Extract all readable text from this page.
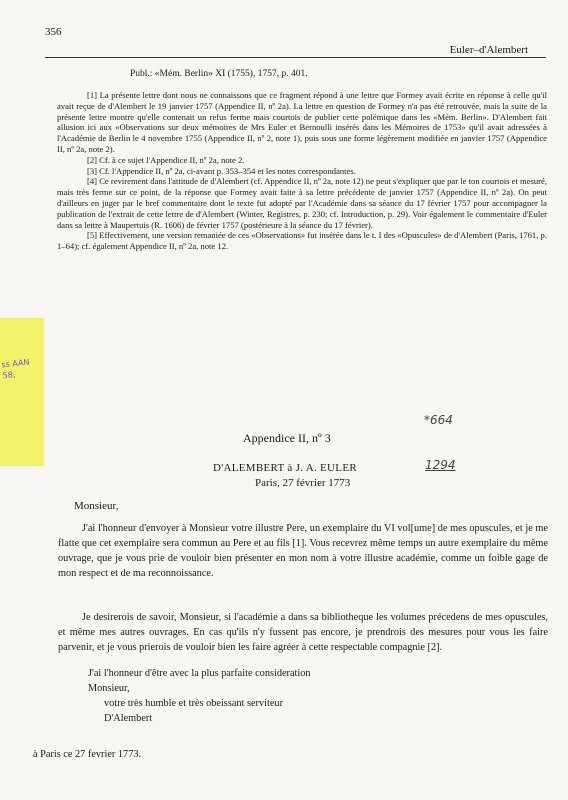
356
Euler–d'Alembert
Publ.: «Mém. Berlin» XI (1755), 1757, p. 401.

[1] La présente lettre dont nous ne connaissons que ce fragment répond à une lettre que Formey avait écrite en réponse à celle qu'il avait reçue de d'Alembert le 19 janvier 1757 (Appendice II, nº 2a). La lettre en question de Formey n'a pas été retrouvée, mais la suite de la présente lettre montre qu'elle contenait un refus ferme mais courtois de publier cette polémique dans les «Mém. Berlin». D'Alembert fait allusion ici aux «Observations sur deux mémoires de Mrs Euler et Bernoulli insérés dans les Mémoires de 1753» qu'il avait adressées à l'Académie de Berlin le 4 novembre 1755 (Appendice II, nº 2, note 1), puis sous une forme légèrement modifiée en janvier 1757 (Appendice II, nº 2a, note 2).

[2] Cf. à ce sujet l'Appendice II, nº 2a, note 2.

[3] Cf. l'Appendice II, nº 2a, ci-avant p. 353–354 et les notes correspondantes.

[4] Ce revirement dans l'attitude de d'Alembert (cf. Appendice II, nº 2a, note 12) ne peut s'expliquer que par le ton courtois et mesuré, mais très ferme sur ce point, de la réponse que Formey avait faite à sa lettre précédente de janvier 1757 (Appendice II, nº 2a). On peut d'ailleurs en juger par le bref commentaire dont le texte fut adopté par l'Académie dans sa séance du 17 février 1757 pour accompagner la publication de l'extrait de cette lettre de d'Alembert (Winter, Registres, p. 230; cf. Introduction, p. 29). Voir également le commentaire d'Euler dans sa lettre à Maupertuis (R. 1606) de février 1757 (postérieure à la séance du 17 février).

[5] Effectivement, une version remaniée de ces «Observations» fut insérée dans le t. I des «Opuscules» de d'Alembert (Paris, 1761, p. 1–64); cf. également Appendice II, nº 2a, note 12.

ss AAN
58,
Appendice II, nº 3
*664
1294
D'ALEMBERT à J. A. EULER
Paris, 27 février 1773
Monsieur,

J'ai l'honneur d'envoyer à Monsieur votre illustre Pere, un exemplaire du VI vol[ume] de mes opuscules, et je me flatte que cet exemplaire sera commun au Pere et au fils [1]. Vous recevrez même temps un autre exemplaire du même ouvrage, que je vous prie de vouloir bien présenter en mon nom à votre illustre académie, comme un foible gage de mon respect et de ma reconnoissance.

Je desirerois de savoir, Monsieur, si l'académie a dans sa bibliotheque les volumes précedens de mes opuscules, et même mes autres ouvrages. En cas qu'ils n'y fussent pas encore, je prendrois des mesures pour vous les faire parvenir, et je vous prierois de vouloir bien les faire agréer à cette respectable compagnie [2].

J'ai l'honneur d'être avec la plus parfaite consideration
Monsieur,
votre très humble et très obeissant serviteur
D'Alembert
à Paris ce 27 fevrier 1773.
